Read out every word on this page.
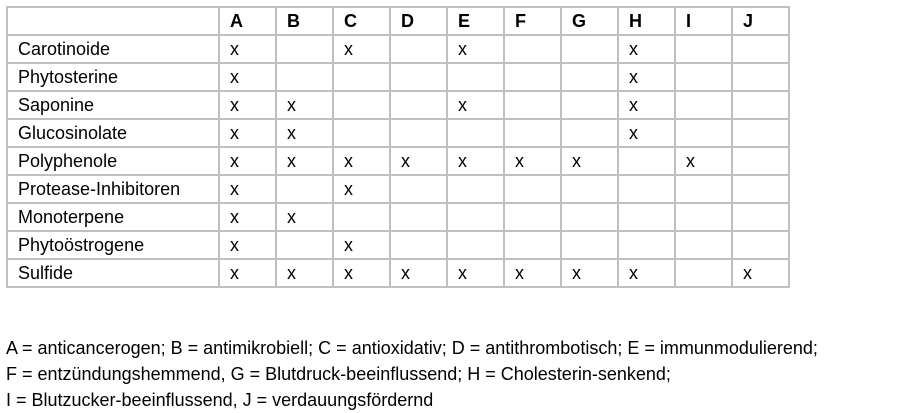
	A	B	C	D	E	F	G	H	I	J
Carotinoide	x		x		x			x		
Phytosterine	x							x		
Saponine	x	x			x			x		
Glucosinolate	x	x						x		
Polyphenole	x	x	x	x	x	x	x		x	
Protease-Inhibitoren	x		x							
Monoterpene	x	x								
Phytoöstrogene	x		x							
Sulfide	x	x	x	x	x	x	x	x		x
A = anticancerogen; B = antimikrobiell; C = antioxidativ; D = antithrombotisch; E = immunmodulierend;
F = entzündungshemmend, G = Blutdruck-beeinflussend; H = Cholesterin-senkend;
I = Blutzucker-beeinflussend, J = verdauungsfördernd
